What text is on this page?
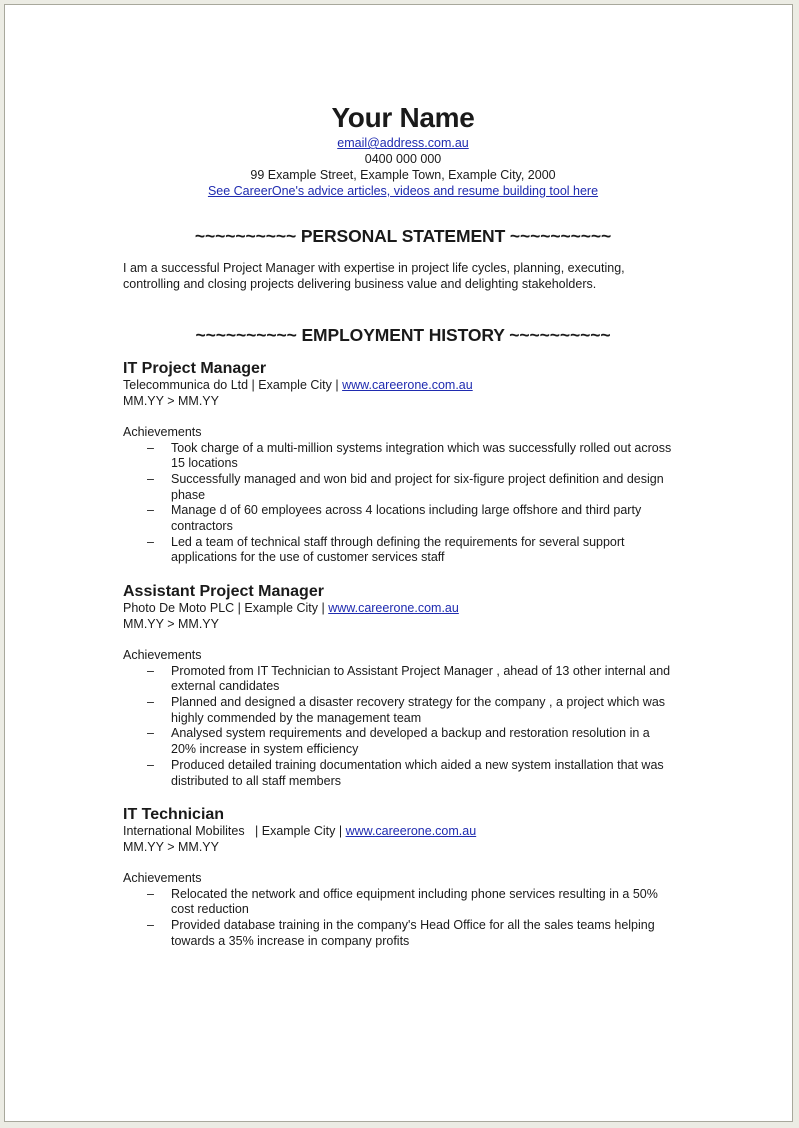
Your Name
email@address.com.au
0400 000 000
99 Example Street, Example Town, Example City, 2000
See CareerOne's advice articles, videos and resume building tool here
~~~~~~~~~~ PERSONAL STATEMENT ~~~~~~~~~~

I am a successful Project Manager with expertise in project life cycles, planning, executing, controlling and closing projects delivering business value and delighting stakeholders.

~~~~~~~~~~ EMPLOYMENT HISTORY ~~~~~~~~~~
IT Project Manager
Telecommunica do Ltd | Example City | www.careerone.com.au
MM.YY > MM.YY
Achievements
– Took charge of a multi-million systems integration which was successfully rolled out across 15 locations
– Successfully managed and won bid and project for six-figure project definition and design phase
– Manage d of 60 employees across 4 locations including large offshore and third party contractors
– Led a team of technical staff through defining the requirements for several support applications for the use of customer services staff
Assistant Project Manager
Photo De Moto PLC | Example City | www.careerone.com.au
MM.YY > MM.YY
Achievements
– Promoted from IT Technician to Assistant Project Manager , ahead of 13 other internal and external candidates
– Planned and designed a disaster recovery strategy for the company , a project which was highly commended by the management team
– Analysed system requirements and developed a backup and restoration resolution in a 20% increase in system efficiency
– Produced detailed training documentation which aided a new system installation that was distributed to all staff members
IT Technician
International Mobilites   | Example City | www.careerone.com.au
MM.YY > MM.YY
Achievements
– Relocated the network and office equipment including phone services resulting in a 50% cost reduction
– Provided database training in the company's Head Office for all the sales teams helping towards a 35% increase in company profits
